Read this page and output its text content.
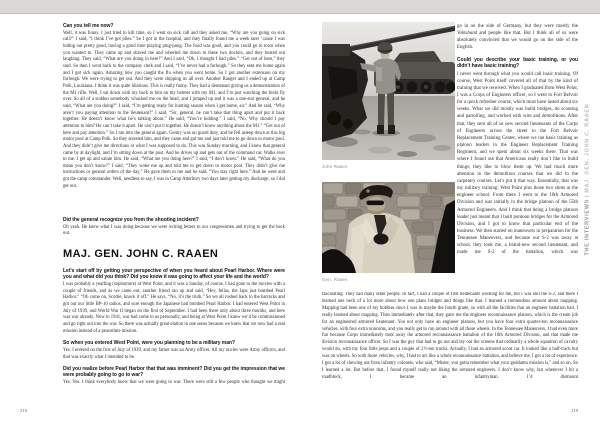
Can you tell me now?

Well, it was funny. I just tried to kill time, so I went on sick call and they asked me, “Why are you going on sick call?” I said, “I think I’ve got piles.” So I got in the hospital, and they finally found me a week later ’cause I was hiding out pretty good, having a good time playing ping-pong. The food was good, and you could go to town when you wanted to. They came up and shaved me and wheeled me down to these two doctors, and they busted out laughing. They said, “What are you doing in here?” And I said, “Oh, I thought I had piles.” “Get out of here,” they said. So then I went back to the company clerk and I said, “I’ve never had a furlough.” So they sent me home again and I got sick again. Amazing how you caught the flu when you went home. So I got another extension on my furlough. We were trying to get out. And they were shipping us all over. Another Ranger and I ended up at Camp Polk, Louisiana. I think it was quite hilarious. This is really funny. They had a lieutenant giving us a demonstration of the M1 rifle. Well, I sat down with my back to him on my helmet with my M1, and I’m just watching the birds fly over. So all of a sudden somebody whacked me on the head, and I jumped up and it was a one-star general, and he said, “What are you doing?” I said, “I’m getting ready for hunting season when I get home, sir.” And he said, “Why aren’t you paying attention to the lieutenant?” I said, “Sir, general, he can’t take that thing apart and put it back together. He doesn’t know what he’s talking about.” He said, “You’re kidding.” I said, “No. Why should I pay attention to him? He can’t take it apart. He can’t put it together. He doesn’t know anything about the M1.” “Get out of here and pay attention.” So I ran into the general again. Gentry was on guard duty, and he fell asleep down at this big motor pool at Camp Polk. So they arrested him, and they came and got me and just told me to go down to motor pool. And they didn’t give me directions or what I was supposed to do. This was Sunday morning, and I knew that general came by at daylight, and I’m sitting down at the post. And he drives up and gets out of the command car. Walks over to me. I get up and salute him. He said, “What are you doing here?” I said, “I don’t know.” He said, “What do you mean you don’t know?” I said, “They woke me up and told me to get down to motor pool. They didn’t give me instructions or general orders of the day.” He gave them to me and he said, “You stay right here.” And he went and got the camp commander. Well, needless to say, I was in Camp Atterbury two days later getting my discharge, so I did get out.

Did the general recognize you from the shooting incident?

Oh yeah. He knew what I was doing because we were writing letters to our congressmen and trying to get the heck out.

MAJ. GEN. JOHN C. RAAEN

Let’s start off by getting your perspective of when you heard about Pearl Harbor. Where were you and what did you think? Did you know it was going to affect your life and the world?

I was probably a yearling (sophomore) at West Point, and it was a Sunday, of course. I had gone to the movies with a couple of friends, and as we came out, another friend ran up and said, “Hey, fellas, the Japs just bombed Pearl Harbor.” “Oh come on, Scottie, knock it off.” He says, “No, it’s the truth.” So we all rushed back to the barracks and got out our little BP-10 radios, and sure enough the Japanese had bombed Pearl Harbor. I had entered West Point in July of 1939, and World War II began on the first of September. I had been there only about three months, and here was war already. Now in 1941, war had come to us personally, and being at West Point I knew we’d be commissioned and go right out into the war. So there was actually great elation in one sense because we knew that we now had a real mission instead of a peacetime mission.

So when you entered West Point, were you planning to be a military man?

Yes. I entered on the first of July of 1939, and my father was an Army officer. All my uncles were Army officers, and that was exactly what I intended to be.

Did you realize before Pearl Harbor that that was imminent? Did you get the impression that we were probably going to go to war?

Yes. Yes. I think everybody knew that we were going to war. There were still a few people who thought we might

218
John Raaen
Gen. Raaen

go in on the side of Germany, but they were mostly the Volksbund and people like that. But I think all of us were absolutely convinced that we would go on the side of the English.

Could you describe your basic training, or you didn’t have basic training?

I never went through what you would call basic training. Of course, West Point itself covered all of that by the kind of training that we received. When I graduated from West Point, I was a Corps of Engineers officer, so I went to Fort Belvoir for a quick refresher course, which must have lasted about six weeks. What we did mostly was build bridges, do scouting and patrolling, and worked with wire and demolitions. After that, they sent all of us new second lieutenants of the Corps of Engineers across the street to the Fort Belvoir Replacement Training Center, where we ran basic training as platoon leaders in the Engineer Replacement Training Regiment, and we spent about six weeks there. That was where I found out that Americans really don’t like to build things; they like to blow them up. We had much more attention in the demolition courses that we did in the carpentry courses. Let’s put it that way. Essentially, that was my military training: West Point plus those two stints at the engineer school. From there I went to the 10th Armored Division and was initially in the bridge platoon of the 55th Armored Engineers. And I think that being a bridge platoon leader just meant that I built pontoon bridges for the Armored Division, and I got to know that particular end of the business. We then started on maneuvers in preparation for the Tennessee Maneuvers, and because our S-2 was away at school, they took me, a brand-new second lieutenant, and made me S-2 of the battalion, which was

fascinating. They had many other people. In fact, I had a couple of first lieutenants working for me, but I was still the S-2, and there I learned one heck of a lot more about how one plans bridges and things like that. I learned a tremendous amount about mapping. Mapping had been one of my hobbies since I was in maybe the fourth grade, so with all the facilities that an engineer battalion had, I really learned about mapping. Then immediately after that, they gave me the engineer reconnaissance platoon, which is the cream job for an engineered armored lieutenant. You not only have an engineer platoon, but you have four extra quarter-ton reconnaissance vehicles, with four extra noncoms, and you really get to run around with all those wheels. In the Tennessee Maneuvers, I had even more fun because Corps immediately took away the armored reconnaissance battalion of the 10th Armored Division, and that made me division reconnaissance officer. So I was the guy that had to go out and lay out the screens that ordinarily a whole squadron of cavalry would do, with my four little jeeps and a couple of 2½-ton trucks. Actually, I had an armored scout car. It looked like a half-track but was on wheels. So with those vehicles, why, I had to act like a whole reconnaissance battalion, and believe me, I got a lot of experience. I got a lot of chewing out from infantry colonels, who said, “Mister, you gotta remember what your goddamn mission is,” and so on. So I learned a lot. But before that, I found myself really not liking the armored engineers. I don’t know why, but whenever I hit a roadblock, I became an infantryman. I’d dismount

219
THE INTERVIEWS|MAJ. GEN. JOHN C. RAAEN
